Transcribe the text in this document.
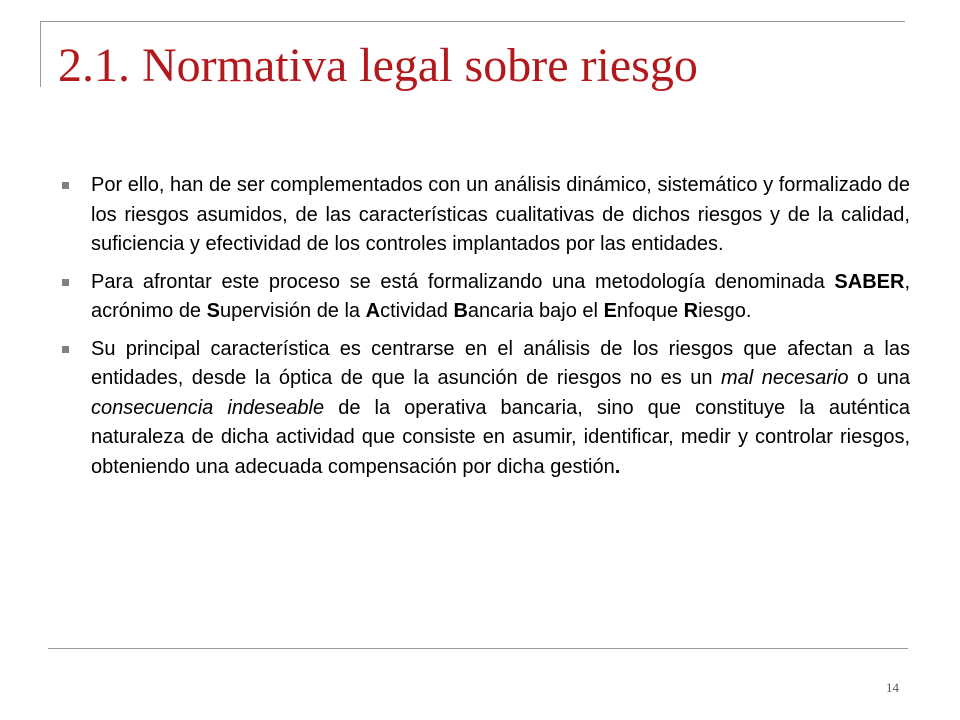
2.1. Normativa legal sobre riesgo
Por ello, han de ser complementados con un análisis dinámico, sistemático y formalizado de los riesgos asumidos, de las características cualitativas de dichos riesgos y de la calidad, suficiencia y efectividad de los controles implantados por las entidades.
Para afrontar este proceso se está formalizando una metodología denominada SABER, acrónimo de Supervisión de la Actividad Bancaria bajo el Enfoque Riesgo.
Su principal característica es centrarse en el análisis de los riesgos que afectan a las entidades, desde la óptica de que la asunción de riesgos no es un mal necesario o una consecuencia indeseable de la operativa bancaria, sino que constituye la auténtica naturaleza de dicha actividad que consiste en asumir, identificar, medir y controlar riesgos, obteniendo una adecuada compensación por dicha gestión.
14
